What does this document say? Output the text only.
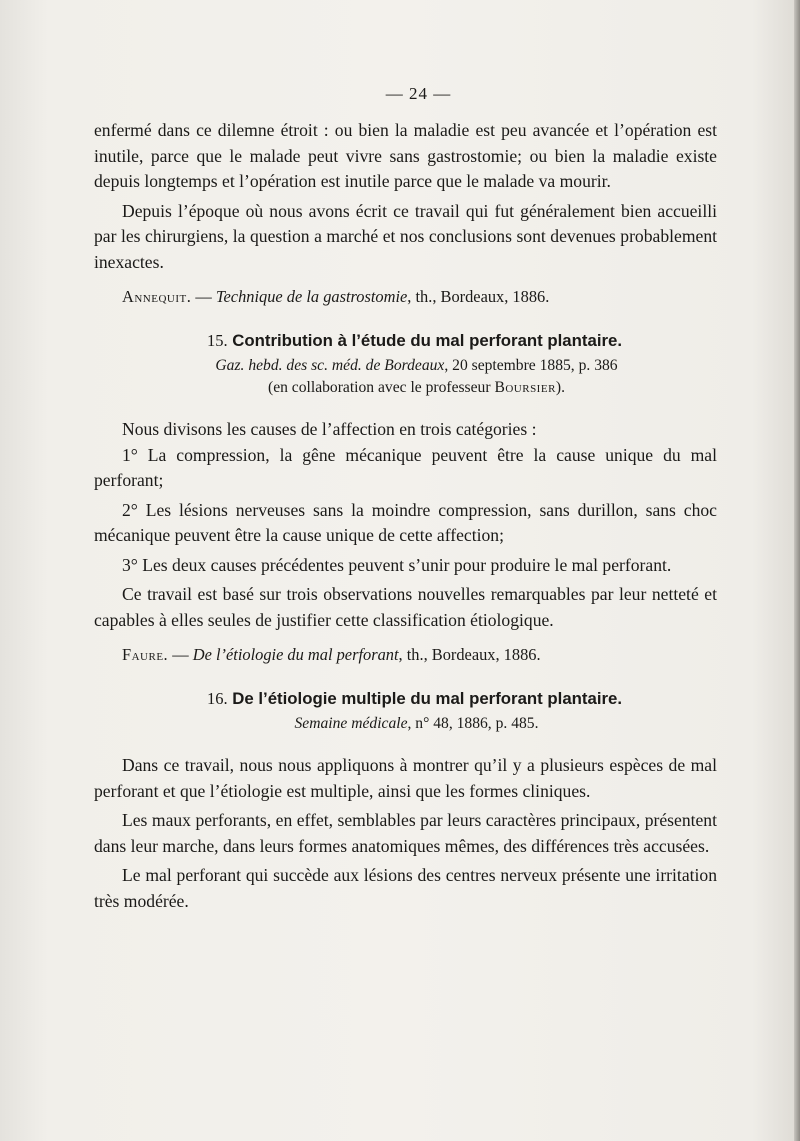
— 24 —

enfermé dans ce dilemne étroit : ou bien la maladie est peu avancée et l’opération est inutile, parce que le malade peut vivre sans gastrostomie; ou bien la maladie existe depuis longtemps et l’opération est inutile parce que le malade va mourir.

Depuis l’époque où nous avons écrit ce travail qui fut généralement bien accueilli par les chirurgiens, la question a marché et nos conclusions sont devenues probablement inexactes.

Annequit. — Technique de la gastrostomie, th., Bordeaux, 1886.

15. Contribution à l’étude du mal perforant plantaire.
Gaz. hebd. des sc. méd. de Bordeaux, 20 septembre 1885, p. 386
(en collaboration avec le professeur Boursier).

Nous divisons les causes de l’affection en trois catégories :

1° La compression, la gêne mécanique peuvent être la cause unique du mal perforant;

2° Les lésions nerveuses sans la moindre compression, sans durillon, sans choc mécanique peuvent être la cause unique de cette affection;

3° Les deux causes précédentes peuvent s’unir pour produire le mal perforant.

Ce travail est basé sur trois observations nouvelles remarquables par leur netteté et capables à elles seules de justifier cette classification étiologique.

Faure. — De l’étiologie du mal perforant, th., Bordeaux, 1886.

16. De l’étiologie multiple du mal perforant plantaire.
Semaine médicale, n° 48, 1886, p. 485.

Dans ce travail, nous nous appliquons à montrer qu’il y a plusieurs espèces de mal perforant et que l’étiologie est multiple, ainsi que les formes cliniques.

Les maux perforants, en effet, semblables par leurs caractères principaux, présentent dans leur marche, dans leurs formes anatomiques mêmes, des différences très accusées.

Le mal perforant qui succède aux lésions des centres nerveux présente une irritation très modérée.
